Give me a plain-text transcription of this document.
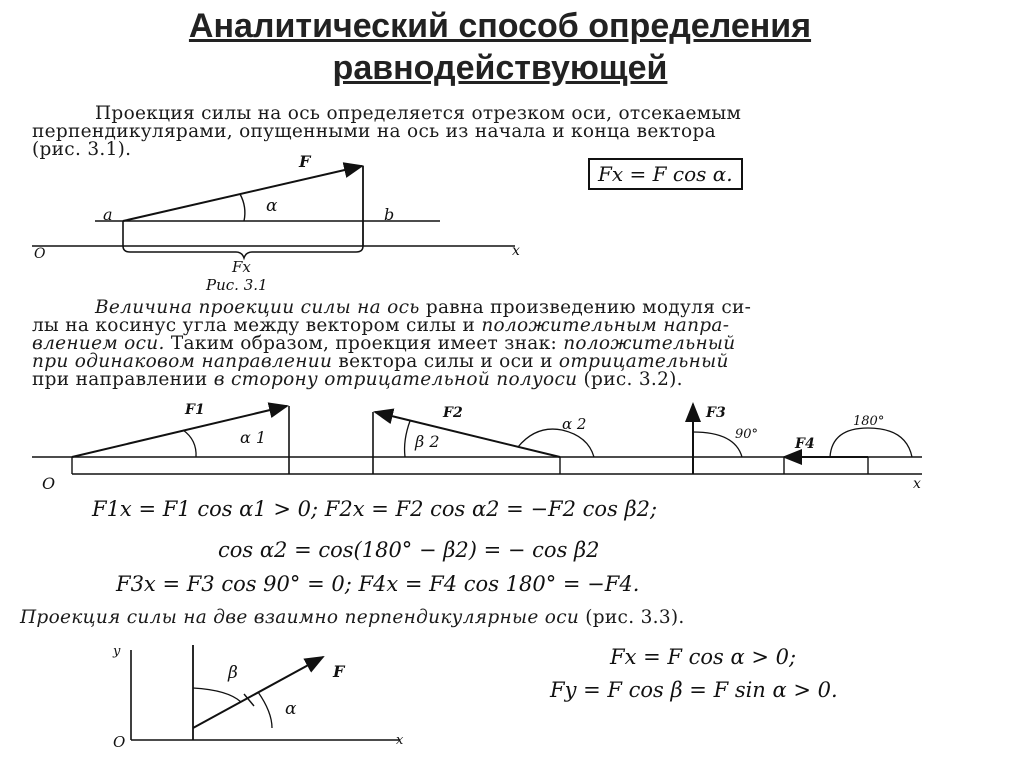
Аналитический способ определения
равнодействующей
Проекция силы на ось определяется отрезком оси, отсекаемым
перпендикулярами, опущенными на ось из начала и конца вектора
(рис. 3.1).
F
α
a	b
O	x
Fx
Рис. 3.1
Fx = F cos α.
Величина проекции силы на ось равна произведению модуля си-
лы на косинус угла между вектором силы и положительным напра-
влением оси. Таким образом, проекция имеет знак: положительный
при одинаковом направлении вектора силы и оси и отрицательный
при направлении в сторону отрицательной полуоси (рис. 3.2).
F1
α 1
F2
β 2
α 2
F3
90°
F4
180°
O	x
F1x = F1 cos α1 > 0; F2x = F2 cos α2 = −F2 cos β2;
cos α2 = cos(180° − β2) = − cos β2
F3x = F3 cos 90° = 0; F4x = F4 cos 180° = −F4.
Проекция силы на две взаимно перпендикулярные оси (рис. 3.3).
y
β	F
α
O	x
Fx = F cos α > 0;
Fy = F cos β = F sin α > 0.
